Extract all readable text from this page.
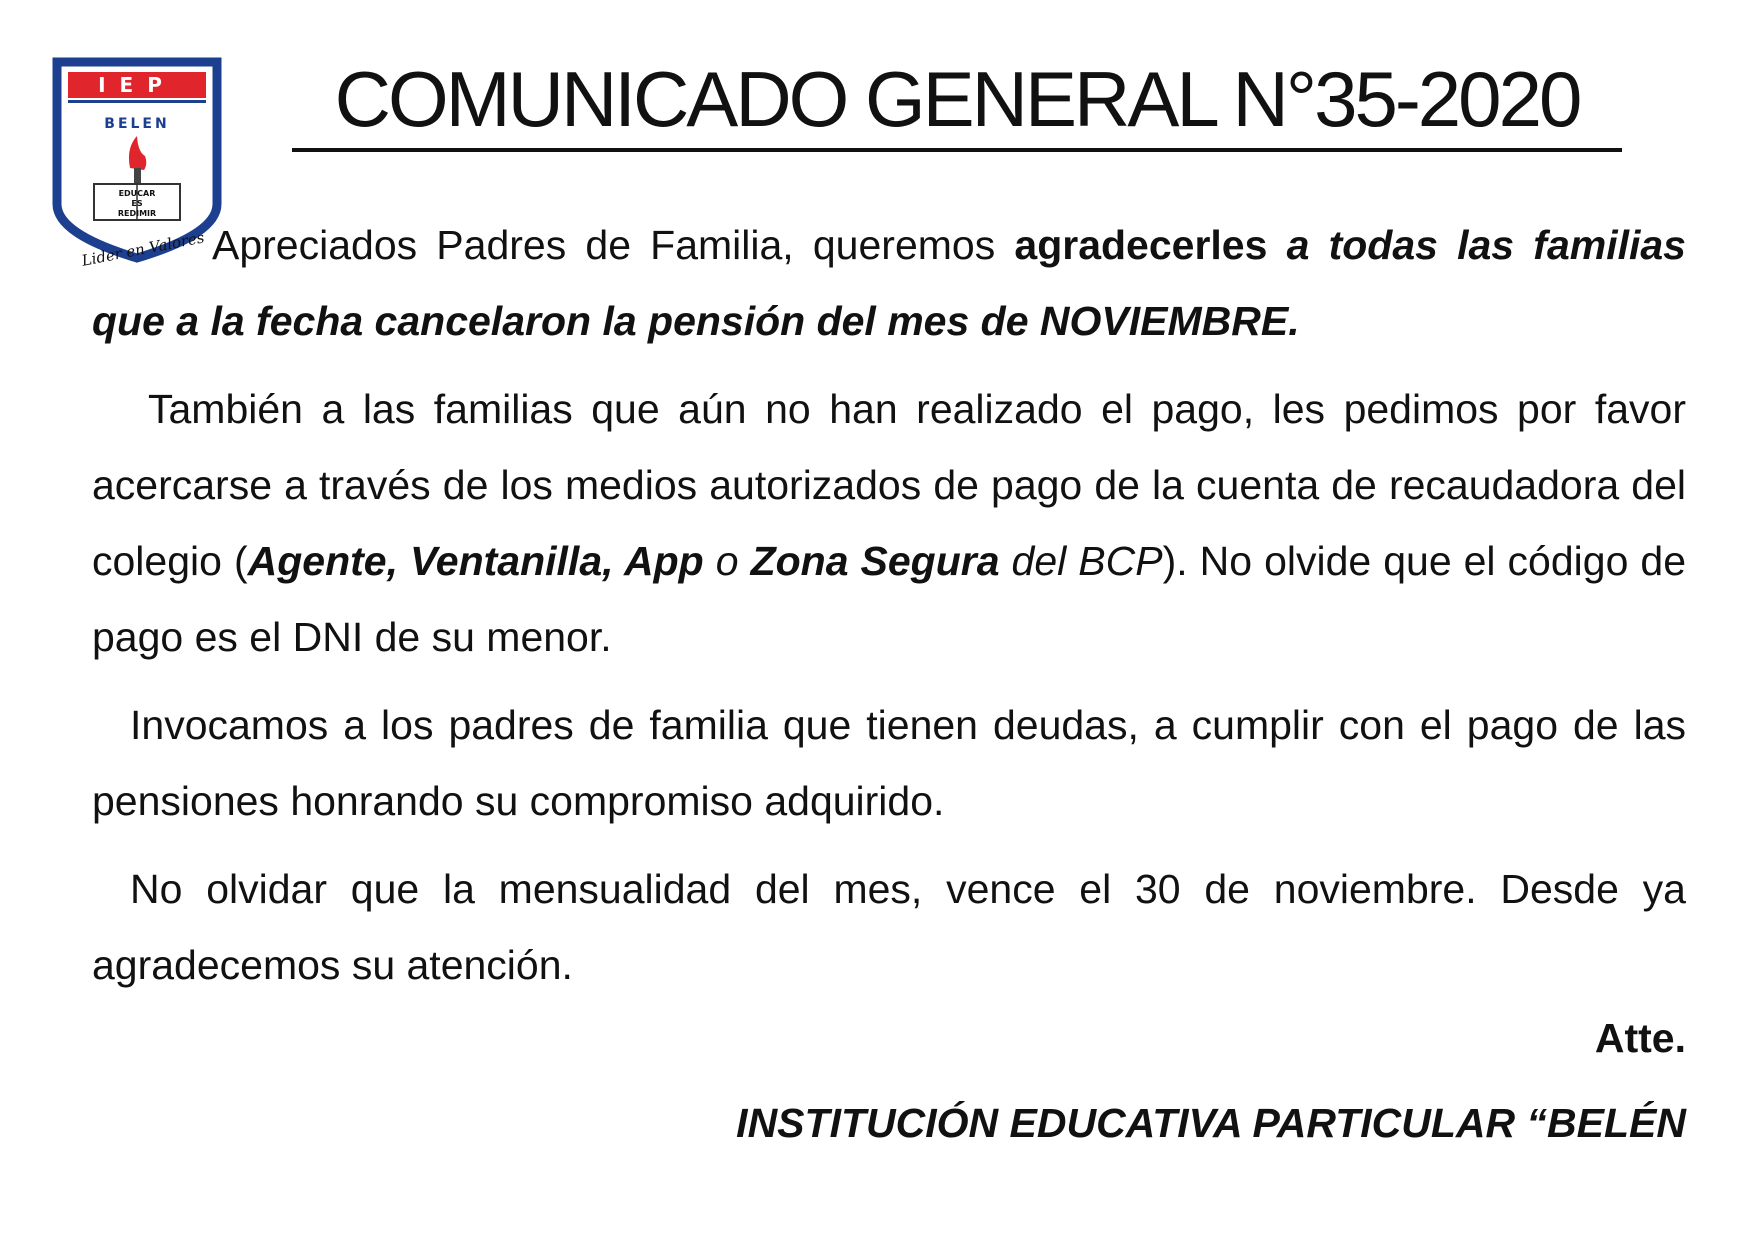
IEP
BELEN
EDUCAR
ES
REDIMIR
Lider en Valores
COMUNICADO GENERAL N°35-2020

Apreciados Padres de Familia, queremos agradecerles a todas las familias que a la fecha cancelaron la pensión del mes de NOVIEMBRE.

También a las familias que aún no han realizado el pago, les pedimos por favor acercarse a través de los medios autorizados de pago de la cuenta de recaudadora del colegio (Agente, Ventanilla, App o Zona Segura del BCP). No olvide que el código de pago es el DNI de su menor.

Invocamos a los padres de familia que tienen deudas, a cumplir con el pago de las pensiones honrando su compromiso adquirido.

No olvidar que la mensualidad del mes, vence el 30 de noviembre. Desde ya agradecemos su atención.

Atte.

INSTITUCIÓN EDUCATIVA PARTICULAR “BELÉN
